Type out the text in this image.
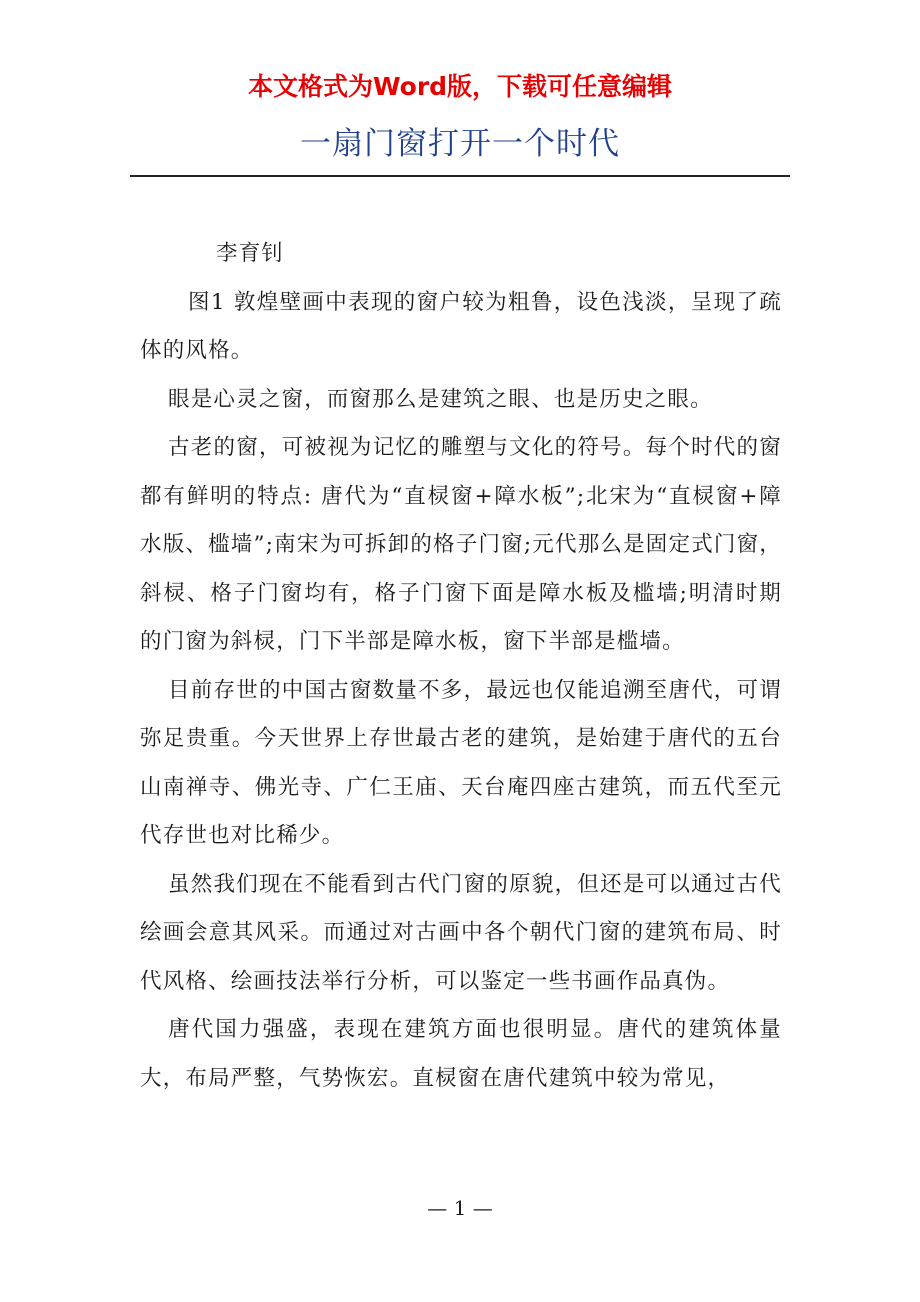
本文格式为Word版，下载可任意编辑
一扇门窗打开一个时代

李育钊

图1 敦煌壁画中表现的窗户较为粗鲁，设色浅淡，呈现了疏体的风格。

眼是心灵之窗，而窗那么是建筑之眼、也是历史之眼。

古老的窗，可被视为记忆的雕塑与文化的符号。每个时代的窗都有鲜明的特点: 唐代为“直棂窗+障水板”;北宋为“直棂窗+障水版、槛墙”;南宋为可拆卸的格子门窗;元代那么是固定式门窗，斜棂、格子门窗均有，格子门窗下面是障水板及槛墙;明清时期的门窗为斜棂，门下半部是障水板，窗下半部是槛墙。

目前存世的中国古窗数量不多，最远也仅能追溯至唐代，可谓弥足贵重。今天世界上存世最古老的建筑，是始建于唐代的五台山南禅寺、佛光寺、广仁王庙、天台庵四座古建筑，而五代至元代存世也对比稀少。

虽然我们现在不能看到古代门窗的原貌，但还是可以通过古代绘画会意其风采。而通过对古画中各个朝代门窗的建筑布局、时代风格、绘画技法举行分析，可以鉴定一些书画作品真伪。

唐代国力强盛，表现在建筑方面也很明显。唐代的建筑体量大，布局严整，气势恢宏。直棂窗在唐代建筑中较为常见，

— 1 —
